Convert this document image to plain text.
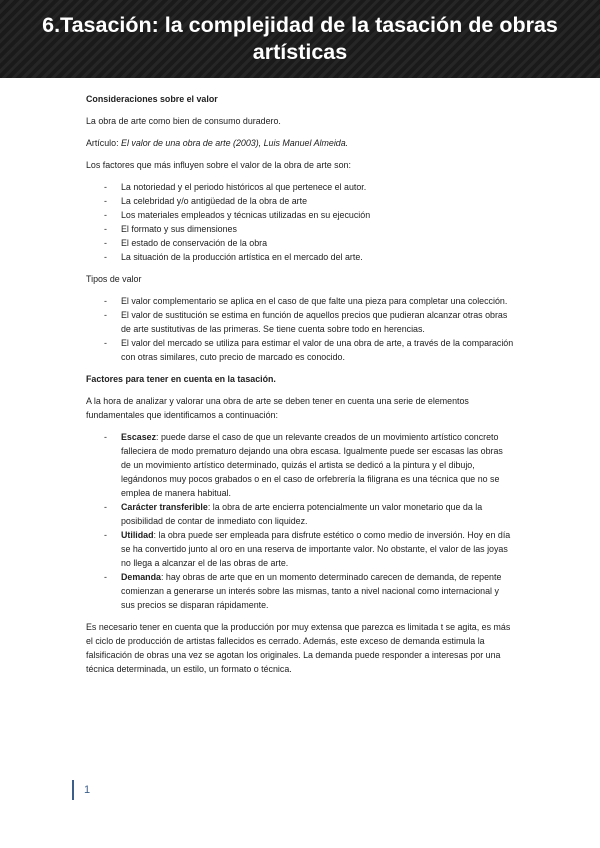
6.Tasación: la complejidad de la tasación de obras artísticas

Consideraciones sobre el valor

La obra de arte como bien de consumo duradero.

Artículo: El valor de una obra de arte (2003), Luis Manuel Almeida.

Los factores que más influyen sobre el valor de la obra de arte son:

- La notoriedad y el periodo históricos al que pertenece el autor.
- La celebridad y/o antigüedad de la obra de arte
- Los materiales empleados y técnicas utilizadas en su ejecución
- El formato y sus dimensiones
- El estado de conservación de la obra
- La situación de la producción artística en el mercado del arte.

Tipos de valor

- El valor complementario se aplica en el caso de que falte una pieza para completar una colección.
- El valor de sustitución se estima en función de aquellos precios que pudieran alcanzar otras obras de arte sustitutivas de las primeras. Se tiene cuenta sobre todo en herencias.
- El valor del mercado se utiliza para estimar el valor de una obra de arte, a través de la comparación con otras similares, cuto precio de marcado es conocido.

Factores para tener en cuenta en la tasación.

A la hora de analizar y valorar una obra de arte se deben tener en cuenta una serie de elementos fundamentales que identificamos a continuación:

- Escasez: puede darse el caso de que un relevante creados de un movimiento artístico concreto falleciera de modo prematuro dejando una obra escasa. Igualmente puede ser escasas las obras de un movimiento artístico determinado, quizás el artista se dedicó a la pintura y el dibujo, legándonos muy pocos grabados o en el caso de orfebrería la filigrana es una técnica que no se emplea de manera habitual.
- Carácter transferible: la obra de arte encierra potencialmente un valor monetario que da la posibilidad de contar de inmediato con liquidez.
- Utilidad: la obra puede ser empleada para disfrute estético o como medio de inversión. Hoy en día se ha convertido junto al oro en una reserva de importante valor. No obstante, el valor de las joyas no llega a alcanzar el de las obras de arte.
- Demanda: hay obras de arte que en un momento determinado carecen de demanda, de repente comienzan a generarse un interés sobre las mismas, tanto a nivel nacional como internacional y sus precios se disparan rápidamente.

Es necesario tener en cuenta que la producción por muy extensa que parezca es limitada t se agita, es más el ciclo de producción de artistas fallecidos es cerrado. Además, este exceso de demanda estimula la falsificación de obras una vez se agotan los originales. La demanda puede responder a interesas por una técnica determinada, un estilo, un formato o técnica.

1
